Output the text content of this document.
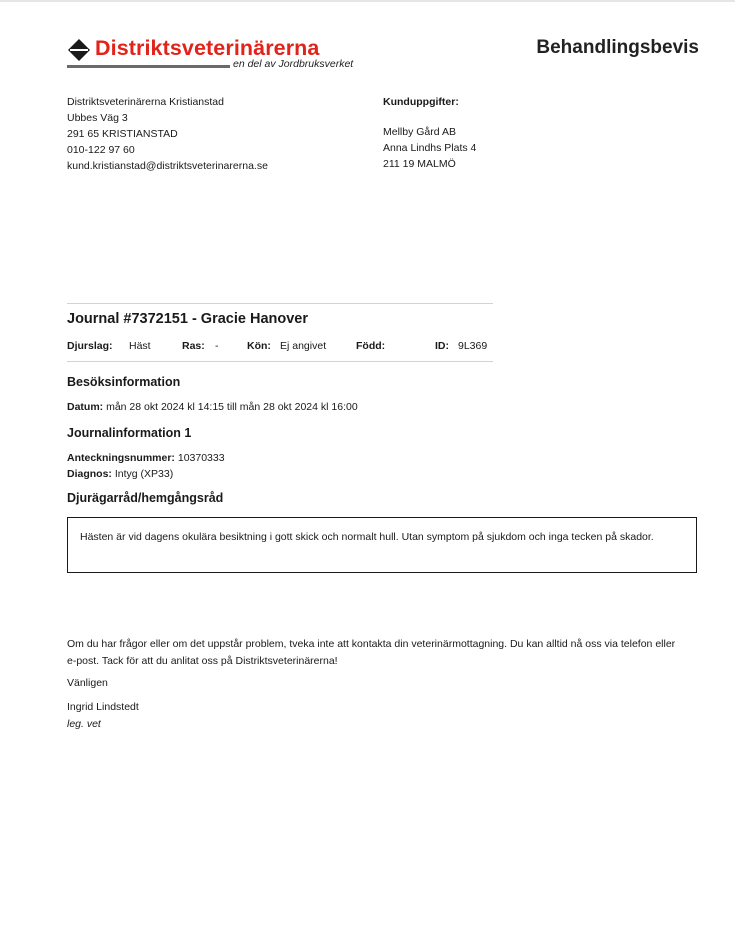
Distriktsveterinärerna
en del av Jordbruksverket
Behandlingsbevis
Distriktsveterinärerna Kristianstad
Ubbes Väg 3
291 65 KRISTIANSTAD
010-122 97 60
kund.kristianstad@distriktsveterinarerna.se
Kunduppgifter:
Mellby Gård AB
Anna Lindhs Plats 4
211 19 MALMÖ
Journal #7372151 - Gracie Hanover
Djurslag: Häst	Ras: -	Kön: Ej angivet	Född:	ID: 9L369
Besöksinformation
Datum: mån 28 okt 2024 kl 14:15 till mån 28 okt 2024 kl 16:00
Journalinformation 1
Anteckningsnummer: 10370333
Diagnos: Intyg (XP33)
Djurägarråd/hemgångsråd
Hästen är vid dagens okulära besiktning i gott skick och normalt hull. Utan symptom på sjukdom och inga tecken på skador.
Om du har frågor eller om det uppstår problem, tveka inte att kontakta din veterinärmottagning. Du kan alltid nå oss via telefon eller e-post. Tack för att du anlitat oss på Distriktsveterinärerna!
Vänligen
Ingrid Lindstedt
leg. vet
